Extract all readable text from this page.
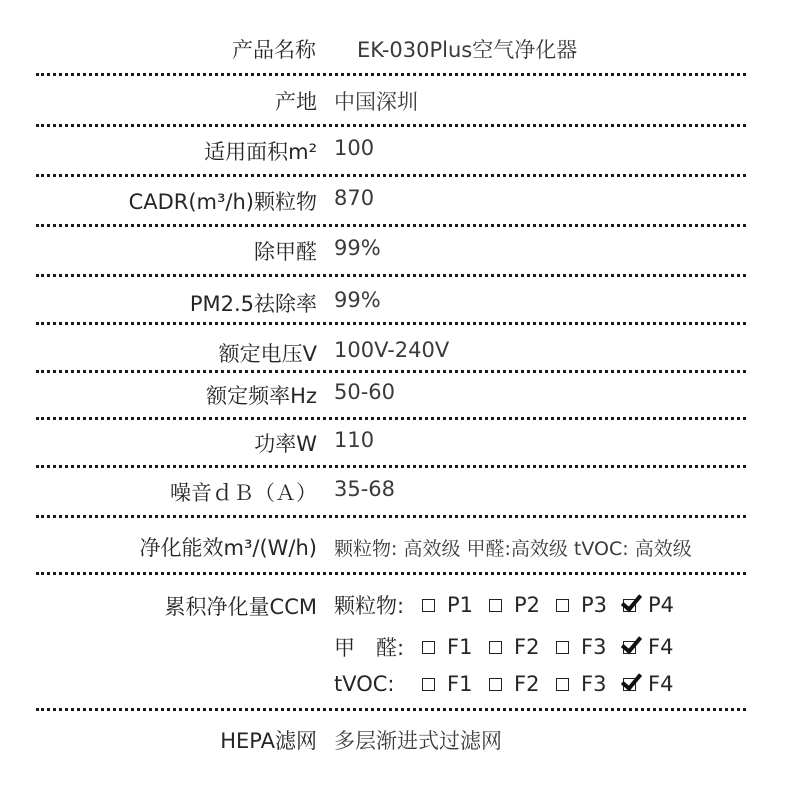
产品名称 EK-030Plus空气净化器
产地 中国深圳
适用面积m² 100
CADR(m³/h)颗粒物 870
除甲醛 99%
PM2.5祛除率 99%
额定电压V 100V-240V
额定频率Hz 50-60
功率W 110
噪音ｄＢ（Ａ） 35-68
净化能效m³/(W/h) 颗粒物: 高效级 甲醛:高效级 tVOC: 高效级
累积净化量CCM 颗粒物:	P1	P2	P3	P4
甲　醛:	F1	F2	F3	F4
tVOC:	F1	F2	F3	F4
HEPA滤网 多层渐进式过滤网
